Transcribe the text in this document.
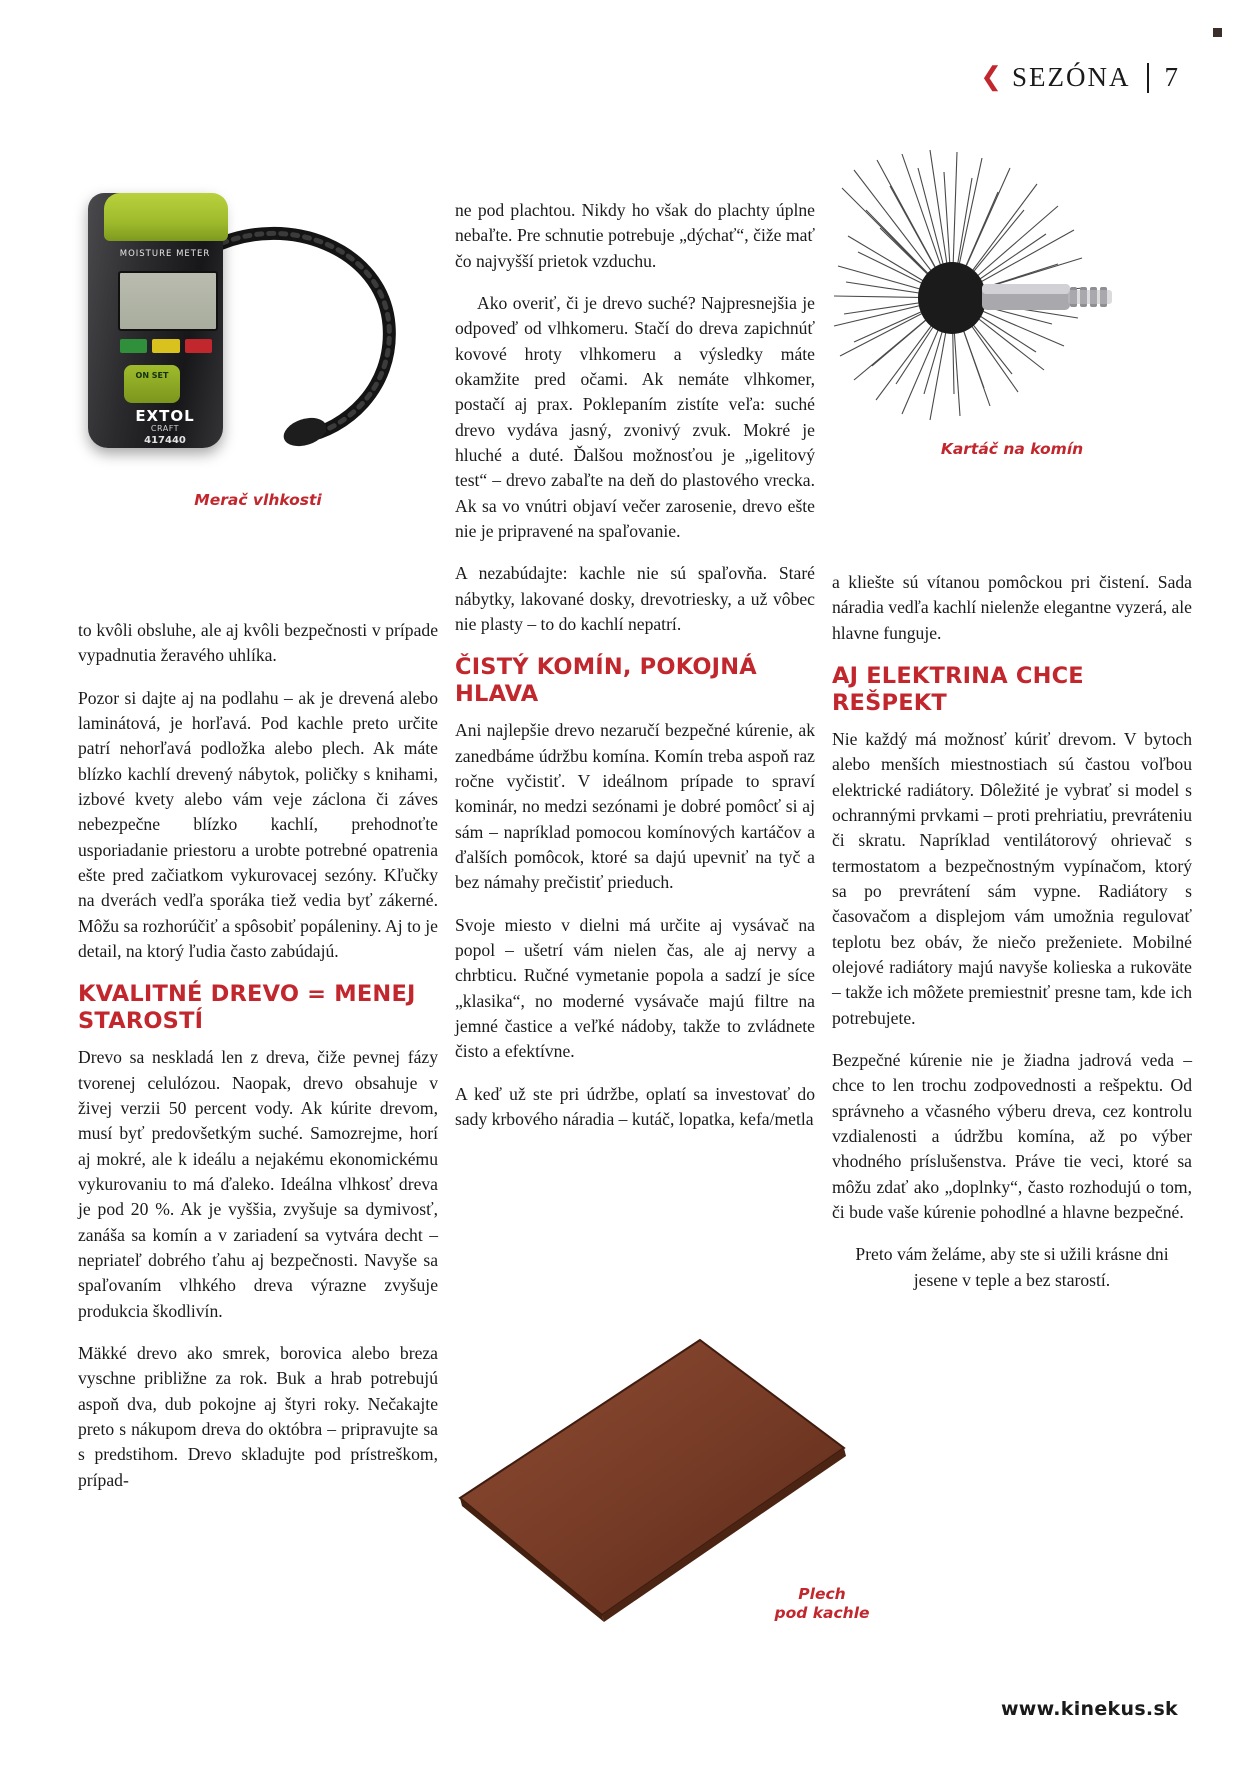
❮ SEZÓNA 7
MOISTURE METER
ON SET
EXTOL
CRAFT
417440
Merač vlhkosti
Kartáč na komín
Plech
pod kachle

to kvôli obsluhe, ale aj kvôli bezpečnosti v prípade vypadnutia žeravého uhlíka.

Pozor si dajte aj na podlahu – ak je drevená alebo laminátová, je horľavá. Pod kachle preto určite patrí nehorľavá podložka alebo plech. Ak máte blízko kachlí drevený nábytok, poličky s knihami, izbové kvety alebo vám veje záclona či záves nebezpečne blízko kachlí, prehodnoťte usporiadanie priestoru a urobte potrebné opatrenia ešte pred začiatkom vykurovacej sezóny. Kľučky na dverách vedľa sporáka tiež vedia byť zákerné. Môžu sa rozhorúčiť a spôsobiť popáleniny. Aj to je detail, na ktorý ľudia často zabúdajú.

KVALITNÉ DREVO = MENEJ STAROSTÍ

Drevo sa neskladá len z dreva, čiže pevnej fázy tvorenej celulózou. Naopak, drevo obsahuje v živej verzii 50 percent vody. Ak kúrite drevom, musí byť predovšetkým suché. Samozrejme, horí aj mokré, ale k ideálu a nejakému ekonomickému vykurovaniu to má ďaleko. Ideálna vlhkosť dreva je pod 20 %. Ak je vyššia, zvyšuje sa dymivosť, zanáša sa komín a v zariadení sa vytvára decht – nepriateľ dobrého ťahu aj bezpečnosti. Navyše sa spaľovaním vlhkého dreva výrazne zvyšuje produkcia škodlivín.

Mäkké drevo ako smrek, borovica alebo breza vyschne približne za rok. Buk a hrab potrebujú aspoň dva, dub pokojne aj štyri roky. Nečakajte preto s nákupom dreva do októbra – pripravujte sa s predstihom. Drevo skladujte pod prístreškom, prípad-

ne pod plachtou. Nikdy ho však do plachty úplne nebaľte. Pre schnutie potrebuje „dýchať“, čiže mať čo najvyšší prietok vzduchu.

Ako overiť, či je drevo suché? Najpresnejšia je odpoveď od vlhkomeru. Stačí do dreva zapichnúť kovové hroty vlhkomeru a výsledky máte okamžite pred očami. Ak nemáte vlhkomer, postačí aj prax. Poklepaním zistíte veľa: suché drevo vydáva jasný, zvonivý zvuk. Mokré je hluché a duté. Ďalšou možnosťou je „igelitový test“ – drevo zabaľte na deň do plastového vrecka. Ak sa vo vnútri objaví večer zarosenie, drevo ešte nie je pripravené na spaľovanie.

A nezabúdajte: kachle nie sú spaľovňa. Staré nábytky, lakované dosky, drevotriesky, a už vôbec nie plasty – to do kachlí nepatrí.

ČISTÝ KOMÍN, POKOJNÁ HLAVA

Ani najlepšie drevo nezaručí bezpečné kúrenie, ak zanedbáme údržbu komína. Komín treba aspoň raz ročne vyčistiť. V ideálnom prípade to spraví kominár, no medzi sezónami je dobré pomôcť si aj sám – napríklad pomocou komínových kartáčov a ďalších pomôcok, ktoré sa dajú upevniť na tyč a bez námahy prečistiť prieduch.

Svoje miesto v dielni má určite aj vysávač na popol – ušetrí vám nielen čas, ale aj nervy a chrbticu. Ručné vymetanie popola a sadzí je síce „klasika“, no moderné vysávače majú filtre na jemné častice a veľké nádoby, takže to zvládnete čisto a efektívne.

A keď už ste pri údržbe, oplatí sa investovať do sady krbového náradia – kutáč, lopatka, kefa/metla

a kliešte sú vítanou pomôckou pri čistení. Sada náradia vedľa kachlí nielenže elegantne vyzerá, ale hlavne funguje.

AJ ELEKTRINA CHCE REŠPEKT

Nie každý má možnosť kúriť drevom. V bytoch alebo menších miestnostiach sú častou voľbou elektrické radiátory. Dôležité je vybrať si model s ochrannými prvkami – proti prehriatiu, prevráteniu či skratu. Napríklad ventilátorový ohrievač s termostatom a bezpečnostným vypínačom, ktorý sa po prevrátení sám vypne. Radiátory s časovačom a displejom vám umožnia regulovať teplotu bez obáv, že niečo preženiete. Mobilné olejové radiátory majú navyše kolieska a rukoväte – takže ich môžete premiestniť presne tam, kde ich potrebujete.

Bezpečné kúrenie nie je žiadna jadrová veda – chce to len trochu zodpovednosti a rešpektu. Od správneho a včasného výberu dreva, cez kontrolu vzdialenosti a údržbu komína, až po výber vhodného príslušenstva. Práve tie veci, ktoré sa môžu zdať ako „doplnky“, často rozhodujú o tom, či bude vaše kúrenie pohodlné a hlavne bezpečné.

Preto vám želáme, aby ste si užili krásne dni jesene v teple a bez starostí.

www.kinekus.sk
